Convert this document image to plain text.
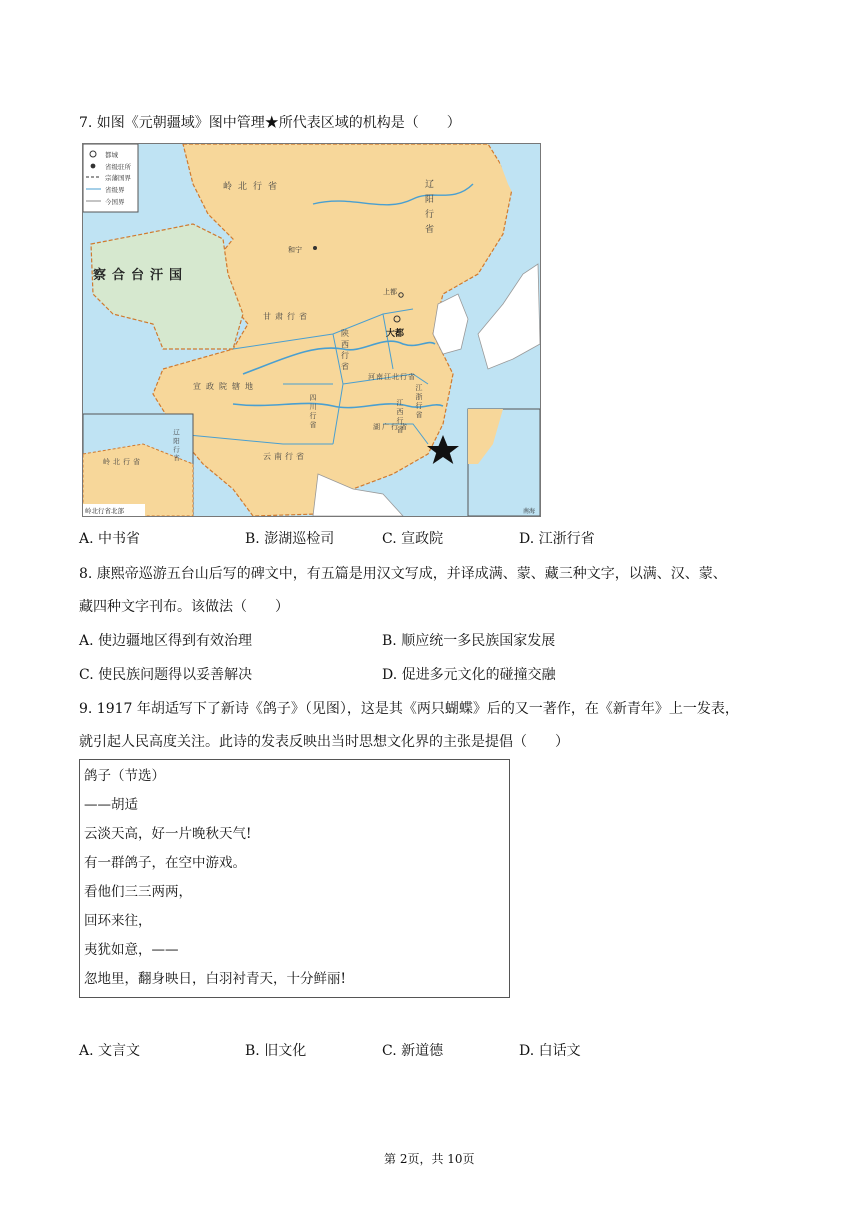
7. 如图《元朝疆域》图中管理★所代表区域的机构是（　　）
都城
省级驻所
宗藩国界
省级界
今国界
岭北行省	辽阳行省
察合台汗国
甘肃行省
陕西行省
宣政院辖地
云南行省
四川行省
河南江北行省
湖广行省
江西行省 江浙行省
和宁
上都
大都
岭北行省	辽阳行省
岭北行省北部	南海
A. 中书省	B. 澎湖巡检司	C. 宣政院	D. 江浙行省
8. 康熙帝巡游五台山后写的碑文中，有五篇是用汉文写成，并译成满、蒙、藏三种文字，以满、汉、蒙、
藏四种文字刊布。该做法（　　）
A. 使边疆地区得到有效治理	B. 顺应统一多民族国家发展
C. 使民族问题得以妥善解决	D. 促进多元文化的碰撞交融
9. 1917 年胡适写下了新诗《鸽子》（见图），这是其《两只蝴蝶》后的又一著作，在《新青年》上一发表，
就引起人民高度关注。此诗的发表反映出当时思想文化界的主张是提倡（　　）
鸽子（节选）
——胡适
云淡天高，好一片晚秋天气!
有一群鸽子，在空中游戏。
看他们三三两两，
回环来往，
夷犹如意，——
忽地里，翻身映日，白羽衬青天，十分鲜丽!
A. 文言文	B. 旧文化	C. 新道德	D. 白话文
第 2页，共 10页
